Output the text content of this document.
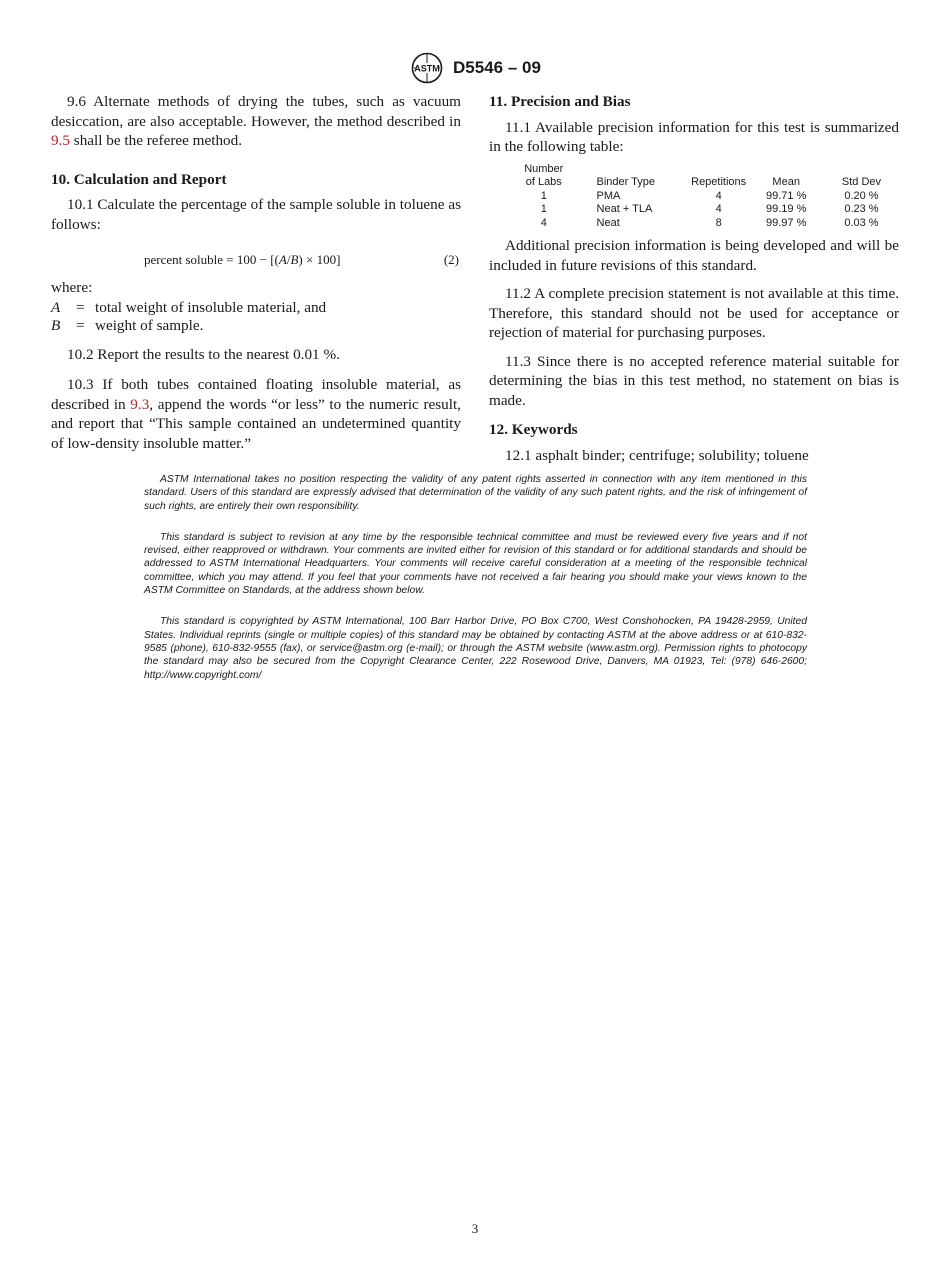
ASTM D5546 – 09

9.6 Alternate methods of drying the tubes, such as vacuum desiccation, are also acceptable. However, the method described in 9.5 shall be the referee method.

10. Calculation and Report

10.1 Calculate the percentage of the sample soluble in toluene as follows:

percent soluble = 100 − [(A/B) × 100]	(2)

where:

A = total weight of insoluble material, and
B = weight of sample.

10.2 Report the results to the nearest 0.01 %.

10.3 If both tubes contained floating insoluble material, as described in 9.3, append the words “or less” to the numeric result, and report that “This sample contained an undetermined quantity of low-density insoluble matter.”

11. Precision and Bias

11.1 Available precision information for this test is summarized in the following table:

Number
of Labs	Binder Type	Repetitions	Mean	Std Dev
1	PMA	4	99.71 %	0.20 %
1	Neat + TLA	4	99.19 %	0.23 %
4	Neat	8	99.97 %	0.03 %

Additional precision information is being developed and will be included in future revisions of this standard.

11.2 A complete precision statement is not available at this time. Therefore, this standard should not be used for acceptance or rejection of material for purchasing purposes.

11.3 Since there is no accepted reference material suitable for determining the bias in this test method, no statement on bias is made.

12. Keywords

12.1 asphalt binder; centrifuge; solubility; toluene

ASTM International takes no position respecting the validity of any patent rights asserted in connection with any item mentioned in this standard. Users of this standard are expressly advised that determination of the validity of any such patent rights, and the risk of infringement of such rights, are entirely their own responsibility.

This standard is subject to revision at any time by the responsible technical committee and must be reviewed every five years and if not revised, either reapproved or withdrawn. Your comments are invited either for revision of this standard or for additional standards and should be addressed to ASTM International Headquarters. Your comments will receive careful consideration at a meeting of the responsible technical committee, which you may attend. If you feel that your comments have not received a fair hearing you should make your views known to the ASTM Committee on Standards, at the address shown below.

This standard is copyrighted by ASTM International, 100 Barr Harbor Drive, PO Box C700, West Conshohocken, PA 19428-2959, United States. Individual reprints (single or multiple copies) of this standard may be obtained by contacting ASTM at the above address or at 610-832-9585 (phone), 610-832-9555 (fax), or service@astm.org (e-mail); or through the ASTM website (www.astm.org). Permission rights to photocopy the standard may also be secured from the Copyright Clearance Center, 222 Rosewood Drive, Danvers, MA 01923, Tel: (978) 646-2600; http://www.copyright.com/

3
